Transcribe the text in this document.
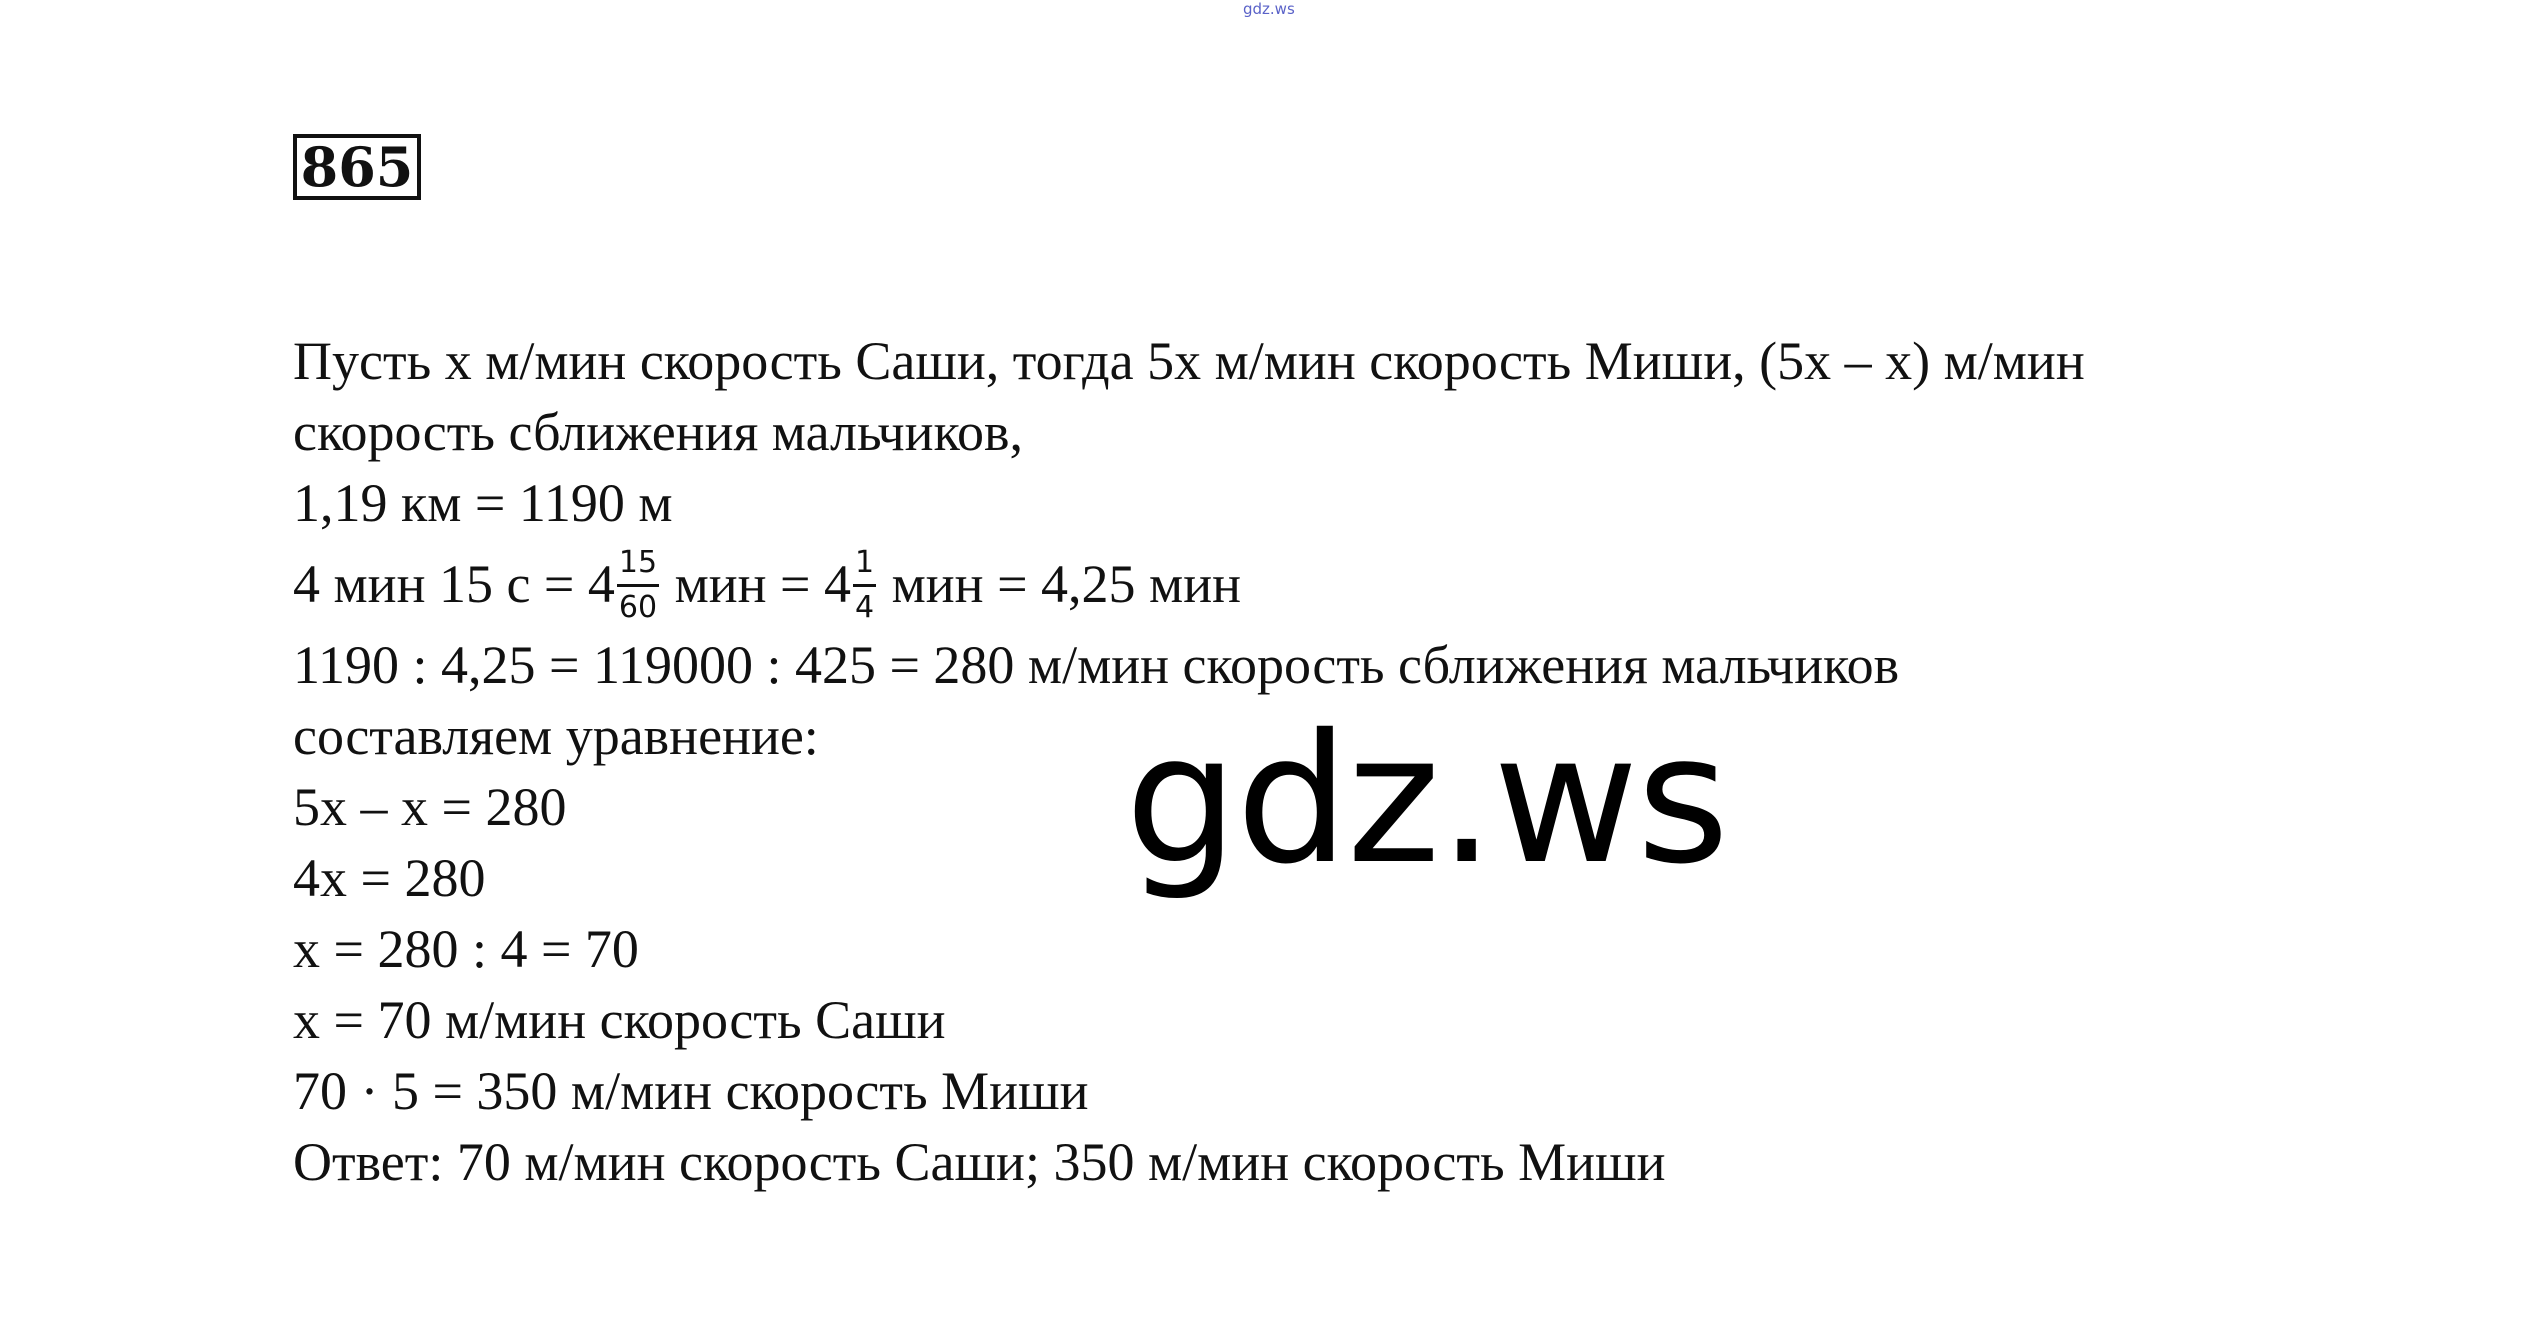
gdz.ws
865
Пусть x м/мин скорость Саши, тогда 5x м/мин скорость Миши, (5x – x) м/мин
скорость сближения мальчиков,
1,19 км = 1190 м
4 мин 15 $с = 4 \frac{15}{60}$ мин = $4 \frac{1}{4}$ мин = 4,25 мин
1190 : 4,25 = 119000 : 425 = 280 м/мин скорость сближения мальчиков
составляем уравнение:
5x – x = 280
4x = 280
x = 280 : 4 = 70
x = 70 м/мин скорость Саши
70 · 5 = 350 м/мин скорость Миши
Ответ: 70 м/мин скорость Саши; 350 м/мин скорость Миши
gdz.ws
